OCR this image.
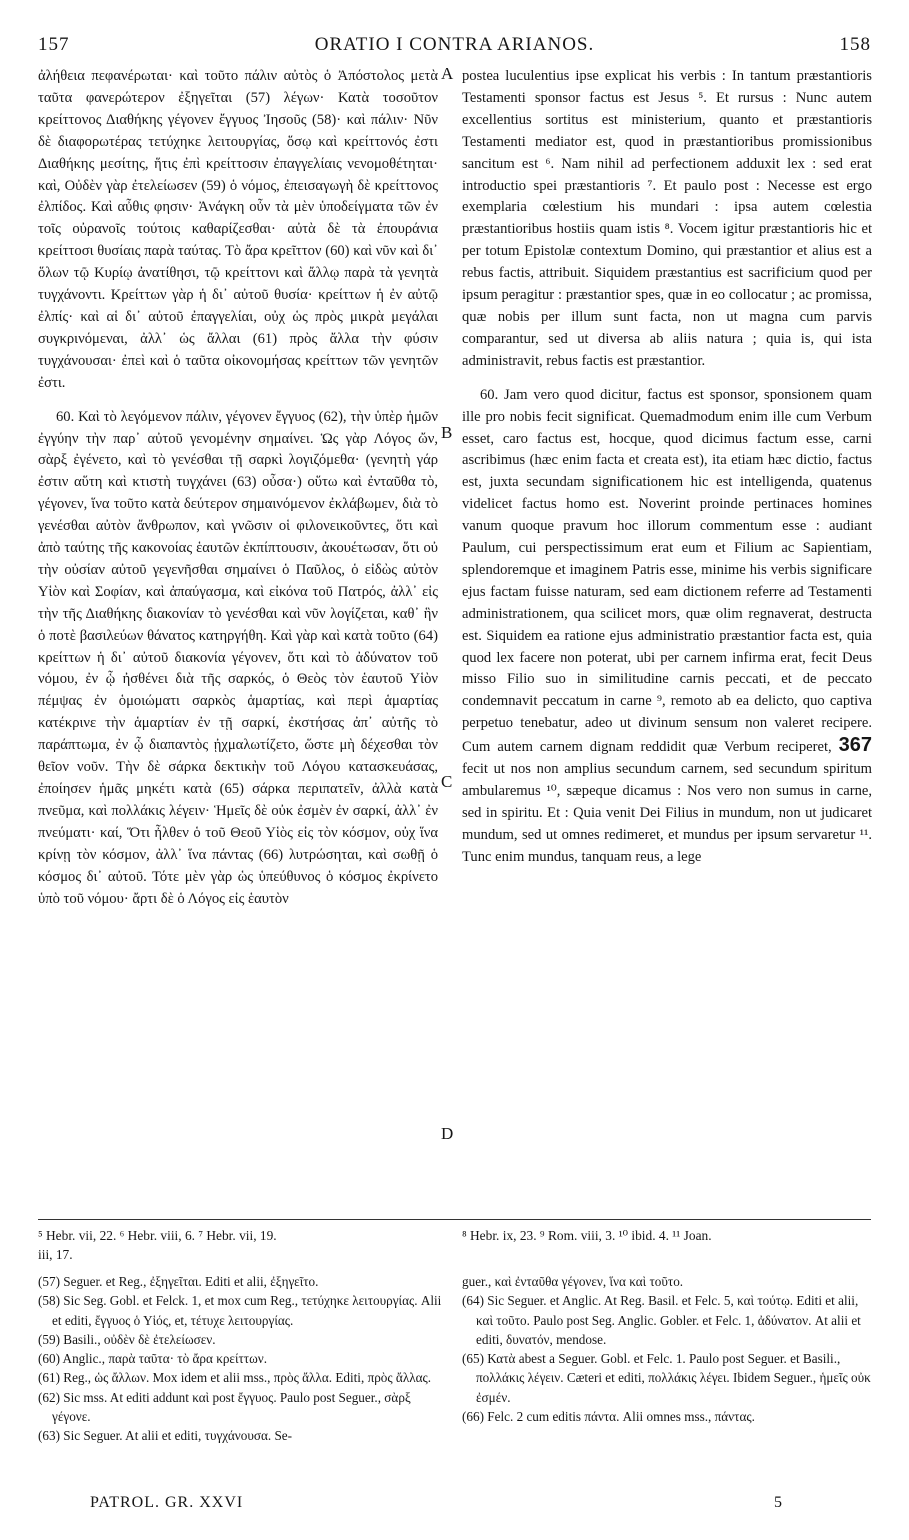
157	ORATIO I CONTRA ARIANOS.	158

ἀλήθεια πεφανέρωται· καὶ τοῦτο πάλιν αὐτὸς ὁ Ἀπόστολος μετὰ ταῦτα φανερώτερον ἐξηγεῖται (57) λέγων· Κατὰ τοσοῦτον κρείττονος Διαθήκης γέγονεν ἔγγυος Ἰησοῦς (58)· καὶ πάλιν· Νῦν δὲ διαφορωτέρας τετύχηκε λειτουργίας, ὅσῳ καὶ κρείττονός ἐστι Διαθήκης μεσίτης, ἥτις ἐπὶ κρείττοσιν ἐπαγγελίαις νενομοθέτηται· καὶ, Οὐδὲν γὰρ ἐτελείωσεν (59) ὁ νόμος, ἐπεισαγωγὴ δὲ κρείττονος ἐλπίδος. Καὶ αὖθις φησιν· Ἀνάγκη οὖν τὰ μὲν ὑποδείγματα τῶν ἐν τοῖς οὐρανοῖς τούτοις καθαρίζεσθαι· αὐτὰ δὲ τὰ ἐπουράνια κρείττοσι θυσίαις παρὰ ταύτας. Τὸ ἄρα κρεῖττον (60) καὶ νῦν καὶ δι᾽ ὅλων τῷ Κυρίῳ ἀνατίθησι, τῷ κρείττονι καὶ ἄλλῳ παρὰ τὰ γενητὰ τυγχάνοντι. Κρείττων γὰρ ἡ δι᾽ αὐτοῦ θυσία· κρείττων ἡ ἐν αὐτῷ ἐλπίς· καὶ αἱ δι᾽ αὐτοῦ ἐπαγγελίαι, οὐχ ὡς πρὸς μικρὰ μεγάλαι συγκρινόμεναι, ἀλλ᾽ ὡς ἄλλαι (61) πρὸς ἄλλα τὴν φύσιν τυγχάνουσαι· ἐπεὶ καὶ ὁ ταῦτα οἰκονομήσας κρείττων τῶν γενητῶν ἐστι.

60. Καὶ τὸ λεγόμενον πάλιν, γέγονεν ἔγγυος (62), τὴν ὑπὲρ ἡμῶν ἐγγύην τὴν παρ᾽ αὐτοῦ γενομένην σημαίνει. Ὡς γὰρ Λόγος ὤν, σὰρξ ἐγένετο, καὶ τὸ γενέσθαι τῇ σαρκὶ λογιζόμεθα· (γενητὴ γάρ ἐστιν αὕτη καὶ κτιστὴ τυγχάνει (63) οὖσα·) οὕτω καὶ ἐνταῦθα τὸ, γέγονεν, ἵνα τοῦτο κατὰ δεύτερον σημαινόμενον ἐκλάβωμεν, διὰ τὸ γενέσθαι αὐτὸν ἄνθρωπον, καὶ γνῶσιν οἱ φιλονεικοῦντες, ὅτι καὶ ἀπὸ ταύτης τῆς κακονοίας ἑαυτῶν ἐκπίπτουσιν, ἀκουέτωσαν, ὅτι οὐ τὴν οὐσίαν αὐτοῦ γεγενῆσθαι σημαίνει ὁ Παῦλος, ὁ εἰδὼς αὐτὸν Υἱὸν καὶ Σοφίαν, καὶ ἀπαύγασμα, καὶ εἰκόνα τοῦ Πατρός, ἀλλ᾽ εἰς τὴν τῆς Διαθήκης διακονίαν τὸ γενέσθαι καὶ νῦν λογίζεται, καθ᾽ ἣν ὁ ποτὲ βασιλεύων θάνατος κατηργήθη. Καὶ γὰρ καὶ κατὰ τοῦτο (64) κρείττων ἡ δι᾽ αὐτοῦ διακονία γέγονεν, ὅτι καὶ τὸ ἀδύνατον τοῦ νόμου, ἐν ᾧ ἠσθένει διὰ τῆς σαρκός, ὁ Θεὸς τὸν ἑαυτοῦ Υἱὸν πέμψας ἐν ὁμοιώματι σαρκὸς ἁμαρτίας, καὶ περὶ ἁμαρτίας κατέκρινε τὴν ἁμαρτίαν ἐν τῇ σαρκί, ἐκστήσας ἀπ᾽ αὐτῆς τὸ παράπτωμα, ἐν ᾧ διαπαντὸς ᾐχμαλωτίζετο, ὥστε μὴ δέχεσθαι τὸν θεῖον νοῦν. Τὴν δὲ σάρκα δεκτικὴν τοῦ Λόγου κατασκευάσας, ἐποίησεν ἡμᾶς μηκέτι κατὰ (65) σάρκα περιπατεῖν, ἀλλὰ κατὰ πνεῦμα, καὶ πολλάκις λέγειν· Ἡμεῖς δὲ οὐκ ἐσμὲν ἐν σαρκί, ἀλλ᾽ ἐν πνεύματι· καί, Ὅτι ἦλθεν ὁ τοῦ Θεοῦ Υἱὸς εἰς τὸν κόσμον, οὐχ ἵνα κρίνῃ τὸν κόσμον, ἀλλ᾽ ἵνα πάντας (66) λυτρώσηται, καὶ σωθῇ ὁ κόσμος δι᾽ αὐτοῦ. Τότε μὲν γὰρ ὡς ὑπεύθυνος ὁ κόσμος ἐκρίνετο ὑπὸ τοῦ νόμου· ἄρτι δὲ ὁ Λόγος εἰς ἑαυτὸν

A
B
C
D

postea luculentius ipse explicat his verbis : In tantum præstantioris Testamenti sponsor factus est Jesus ⁵. Et rursus : Nunc autem excellentius sortitus est ministerium, quanto et præstantioris Testamenti mediator est, quod in præstantioribus promissionibus sancitum est ⁶. Nam nihil ad perfectionem adduxit lex : sed erat introductio spei præstantioris ⁷. Et paulo post : Necesse est ergo exemplaria cœlestium his mundari : ipsa autem cœlestia præstantioribus hostiis quam istis ⁸. Vocem igitur præstantioris hic et per totum Epistolæ contextum Domino, qui præstantior et alius est a rebus factis, attribuit. Siquidem præstantius est sacrificium quod per ipsum peragitur : præstantior spes, quæ in eo collocatur ; ac promissa, quæ nobis per illum sunt facta, non ut magna cum parvis comparantur, sed ut diversa ab aliis natura ; quia is, qui ista administravit, rebus factis est præstantior.

60. Jam vero quod dicitur, factus est sponsor, sponsionem quam ille pro nobis fecit significat. Quemadmodum enim ille cum Verbum esset, caro factus est, hocque, quod dicimus factum esse, carni ascribimus (hæc enim facta et creata est), ita etiam hæc dictio, factus est, juxta secundam significationem hic est intelligenda, quatenus videlicet factus homo est. Noverint proinde pertinaces homines vanum quoque pravum hoc illorum commentum esse : audiant Paulum, cui perspectissimum erat eum et Filium ac Sapientiam, splendoremque et imaginem Patris esse, minime his verbis significare ejus factam fuisse naturam, sed eam dictionem referre ad Testamenti administrationem, qua scilicet mors, quæ olim regnaverat, destructa est. Siquidem ea ratione ejus administratio præstantior facta est, quia quod lex facere non poterat, ubi per carnem infirma erat, fecit Deus misso Filio suo in similitudine carnis peccati, et de peccato condemnavit peccatum in carne ⁹, remoto ab ea delicto, quo captiva perpetuo tenebatur, adeo ut divinum sensum non valeret recipere. Cum autem carnem dignam reddidit quæ Verbum reciperet, 367 fecit ut nos non amplius secundum carnem, sed secundum spiritum ambularemus ¹⁰, sæpeque dicamus : Nos vero non sumus in carne, sed in spiritu. Et : Quia venit Dei Filius in mundum, non ut judicaret mundum, sed ut omnes redimeret, et mundus per ipsum servaretur ¹¹. Tunc enim mundus, tanquam reus, a lege

⁵ Hebr. vii, 22. ⁶ Hebr. viii, 6. ⁷ Hebr. vii, 19.
iii, 17.
⁸ Hebr. ix, 23. ⁹ Rom. viii, 3. ¹⁰ ibid. 4. ¹¹ Joan.

(57) Seguer. et Reg., ἐξηγεῖται. Editi et alii, ἐξηγεῖτο.

(58) Sic Seg. Gobl. et Felck. 1, et mox cum Reg., τετύχηκε λειτουργίας. Alii et editi, ἔγγυος ὁ Υἱός, et, τέτυχε λειτουργίας.

(59) Basili., οὐδὲν δὲ ἐτελείωσεν.

(60) Anglic., παρὰ ταῦτα· τὸ ἄρα κρείττων.

(61) Reg., ὡς ἄλλων. Mox idem et alii mss., πρὸς ἄλλα. Editi, πρὸς ἄλλας.

(62) Sic mss. At editi addunt καὶ post ἔγγυος. Paulo post Seguer., σὰρξ γέγονε.

(63) Sic Seguer. At alii et editi, τυγχάνουσα. Se-

guer., καὶ ἐνταῦθα γέγονεν, ἵνα καὶ τοῦτο.

(64) Sic Seguer. et Anglic. At Reg. Basil. et Felc. 5, καὶ τούτῳ. Editi et alii, καὶ τοῦτο. Paulo post Seg. Anglic. Gobler. et Felc. 1, ἀδύνατον. At alii et editi, δυνατόν, mendose.

(65) Κατὰ abest a Seguer. Gobl. et Felc. 1. Paulo post Seguer. et Basili., πολλάκις λέγειν. Cæteri et editi, πολλάκις λέγει. Ibidem Seguer., ἡμεῖς οὐκ ἐσμέν.

(66) Felc. 2 cum editis πάντα. Alii omnes mss., πάντας.

PATROL. GR. XXVI	5
